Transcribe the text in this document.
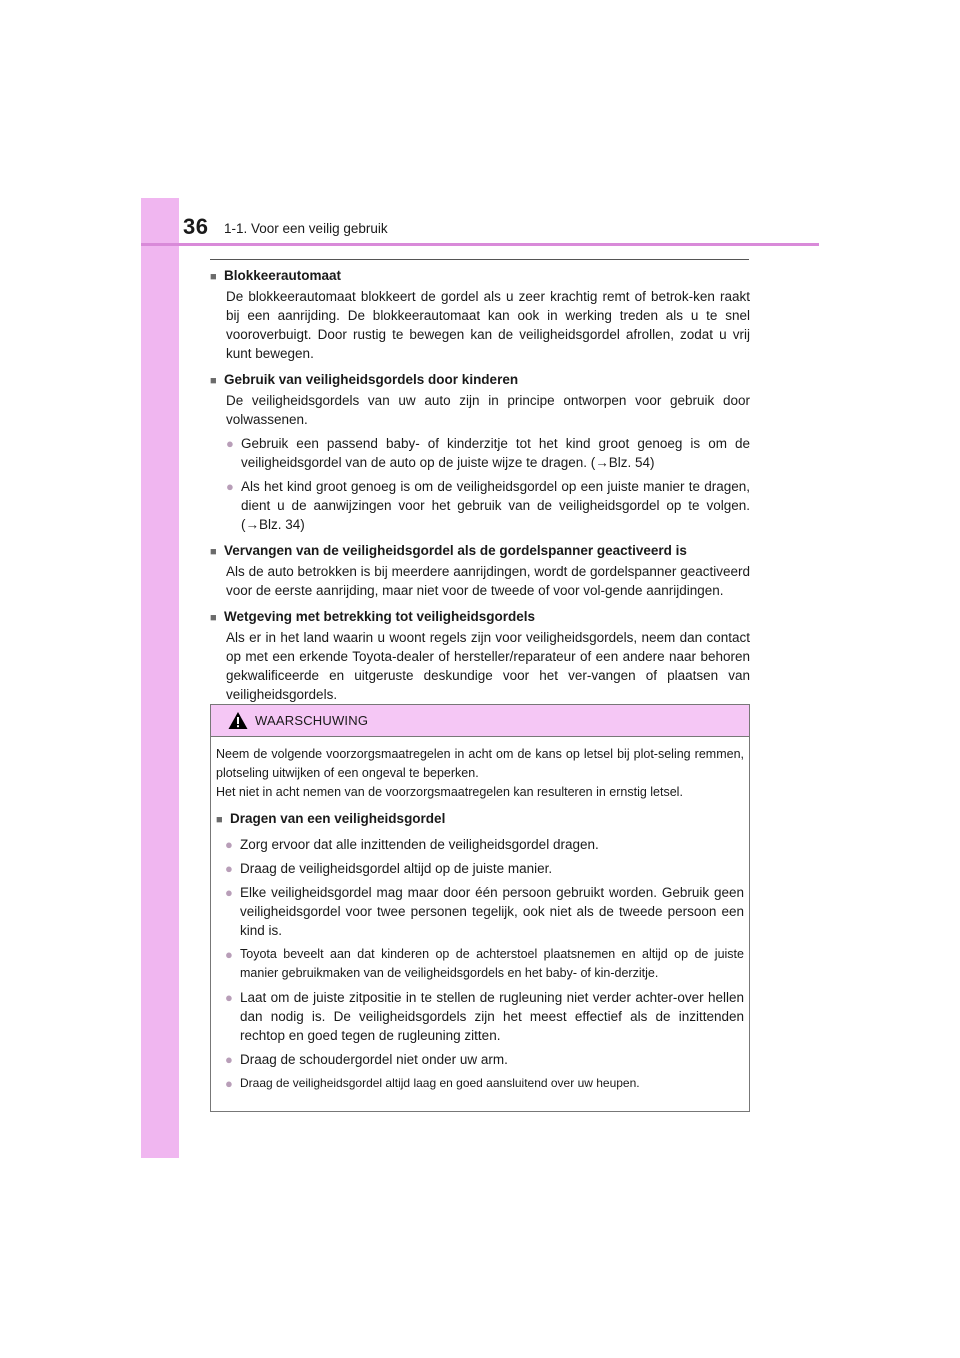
36 1-1. Voor een veilig gebruik
■ Blokkeerautomaat
De blokkeerautomaat blokkeert de gordel als u zeer krachtig remt of betrok-ken raakt bij een aanrijding. De blokkeerautomaat kan ook in werking treden als u te snel vooroverbuigt. Door rustig te bewegen kan de veiligheidsgordel afrollen, zodat u vrij kunt bewegen.
■ Gebruik van veiligheidsgordels door kinderen
De veiligheidsgordels van uw auto zijn in principe ontworpen voor gebruik door volwassenen.
● Gebruik een passend baby- of kinderzitje tot het kind groot genoeg is om de veiligheidsgordel van de auto op de juiste wijze te dragen. (→Blz. 54)
● Als het kind groot genoeg is om de veiligheidsgordel op een juiste manier te dragen, dient u de aanwijzingen voor het gebruik van de veiligheidsgordel op te volgen. (→Blz. 34)
■ Vervangen van de veiligheidsgordel als de gordelspanner geactiveerd is
Als de auto betrokken is bij meerdere aanrijdingen, wordt de gordelspanner geactiveerd voor de eerste aanrijding, maar niet voor de tweede of voor vol-gende aanrijdingen.
■ Wetgeving met betrekking tot veiligheidsgordels
Als er in het land waarin u woont regels zijn voor veiligheidsgordels, neem dan contact op met een erkende Toyota-dealer of hersteller/reparateur of een andere naar behoren gekwalificeerde en uitgeruste deskundige voor het ver-vangen of plaatsen van veiligheidsgordels.
WAARSCHUWING
Neem de volgende voorzorgsmaatregelen in acht om de kans op letsel bij plot-seling remmen, plotseling uitwijken of een ongeval te beperken.
Het niet in acht nemen van de voorzorgsmaatregelen kan resulteren in ernstig letsel.
■ Dragen van een veiligheidsgordel
● Zorg ervoor dat alle inzittenden de veiligheidsgordel dragen.
● Draag de veiligheidsgordel altijd op de juiste manier.
● Elke veiligheidsgordel mag maar door één persoon gebruikt worden. Gebruik geen veiligheidsgordel voor twee personen tegelijk, ook niet als de tweede persoon een kind is.
● Toyota beveelt aan dat kinderen op de achterstoel plaatsnemen en altijd op de juiste manier gebruikmaken van de veiligheidsgordels en het baby- of kin-derzitje.
● Laat om de juiste zitpositie in te stellen de rugleuning niet verder achter-over hellen dan nodig is. De veiligheidsgordels zijn het meest effectief als de inzittenden rechtop en goed tegen de rugleuning zitten.
● Draag de schoudergordel niet onder uw arm.
● Draag de veiligheidsgordel altijd laag en goed aansluitend over uw heupen.
